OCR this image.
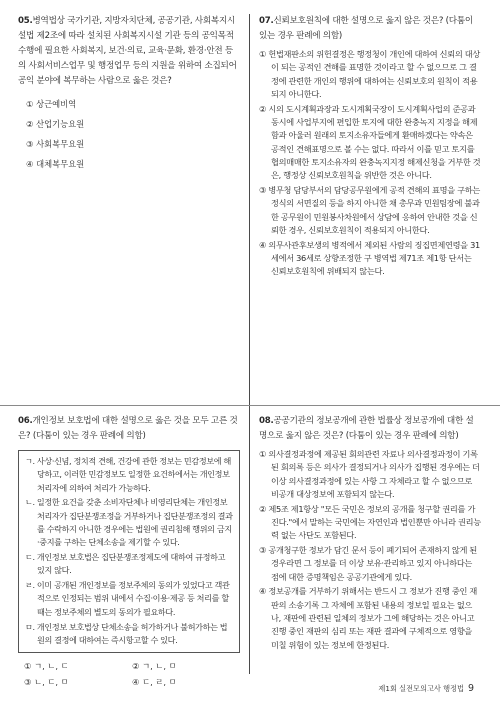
05.병역법상 국가기관, 지방자치단체, 공공기관, 사회복지시설법 제2조에 따라 설치된 사회복지시설 기관 등의 공익목적 수행에 필요한 사회복지, 보건·의료, 교육·문화, 환경·안전 등의 사회서비스업무 및 행정업무 등의 지원을 위하여 소집되어 공익 분야에 복무하는 사람으로 옳은 것은?

① 상근예비역
② 산업기능요원
③ 사회복무요원
④ 대체복무요원

07.신뢰보호원칙에 대한 설명으로 옳지 않은 것은? (다툼이 있는 경우 판례에 의함)

① 헌법재판소의 위헌결정은 행정청이 개인에 대하여 신뢰의 대상이 되는 공적인 견해를 표명한 것이라고 할 수 없으므로 그 결정에 관련한 개인의 행위에 대하여는 신뢰보호의 원칙이 적용되지 아니한다.
② 시의 도시계획과장과 도시계획국장이 도시계획사업의 준공과 동시에 사업부지에 편입한 토지에 대한 완충녹지 지정을 해제함과 아울러 원래의 토지소유자들에게 환매하겠다는 약속은 공적인 견해표명으로 볼 수는 없다. 따라서 이를 믿고 토지를 협의매매한 토지소유자의 완충녹지지정 해제신청을 거부한 것은, 행정상 신뢰보호원칙을 위반한 것은 아니다.
③ 병무청 담당부서의 담당공무원에게 공적 견해의 표명을 구하는 정식의 서면질의 등을 하지 아니한 채 총무과 민원팀장에 불과한 공무원이 민원봉사차원에서 상담에 응하여 안내한 것을 신뢰한 경우, 신뢰보호원칙이 적용되지 아니한다.
④ 의무사관후보생의 병적에서 제외된 사람의 징집면제연령을 31세에서 36세로 상향조정한 구 병역법 제71조 제1항 단서는 신뢰보호원칙에 위배되지 않는다.

06.개인정보 보호법에 대한 설명으로 옳은 것을 모두 고른 것은? (다툼이 있는 경우 판례에 의함)

ㄱ. 사상·신념, 정치적 견해, 건강에 관한 정보는 민감정보에 해당하고, 이러한 민감정보도 일정한 요건하에서는 개인정보처리자에 의하여 처리가 가능하다.
ㄴ. 일정한 요건을 갖춘 소비자단체나 비영리단체는 개인정보처리자가 집단분쟁조정을 거부하거나 집단분쟁조정의 결과를 수락하지 아니한 경우에는 법원에 권리침해 행위의 금지·중지를 구하는 단체소송을 제기할 수 있다.
ㄷ. 개인정보 보호법은 집단분쟁조정제도에 대하여 규정하고 있지 않다.
ㄹ. 이미 공개된 개인정보를 정보주체의 동의가 있었다고 객관적으로 인정되는 범위 내에서 수집·이용·제공 등 처리를 할 때는 정보주체의 별도의 동의가 필요하다.
ㅁ. 개인정보 보호법상 단체소송을 허가하거나 불허가하는 법원의 결정에 대하여는 즉시항고할 수 있다.
① ㄱ, ㄴ, ㄷ	② ㄱ, ㄴ, ㅁ
③ ㄴ, ㄷ, ㅁ	④ ㄷ, ㄹ, ㅁ

08.공공기관의 정보공개에 관한 법률상 정보공개에 대한 설명으로 옳지 않은 것은? (다툼이 있는 경우 판례에 의함)

① 의사결정과정에 제공된 회의관련 자료나 의사결정과정이 기록된 회의록 등은 의사가 결정되거나 의사가 집행된 경우에는 더 이상 의사결정과정에 있는 사항 그 자체라고 할 수 없으므로 비공개 대상정보에 포함되지 않는다.
② 제5조 제1항상 "모든 국민은 정보의 공개를 청구할 권리를 가진다."에서 말하는 국민에는 자연인과 법인뿐만 아니라 권리능력 없는 사단도 포함된다.
③ 공개청구한 정보가 담긴 문서 등이 폐기되어 존재하지 않게 된 경우라면 그 정보를 더 이상 보유·관리하고 있지 아니하다는 점에 대한 증명책임은 공공기관에게 있다.
④ 정보공개를 거부하기 위해서는 반드시 그 정보가 진행 중인 재판의 소송기록 그 자체에 포함된 내용의 정보일 필요는 없으나, 재판에 관련된 일체의 정보가 그에 해당하는 것은 아니고 진행 중인 재판의 심리 또는 재판 결과에 구체적으로 영향을 미칠 위험이 있는 정보에 한정된다.
제1회 실전모의고사 행정법 9
